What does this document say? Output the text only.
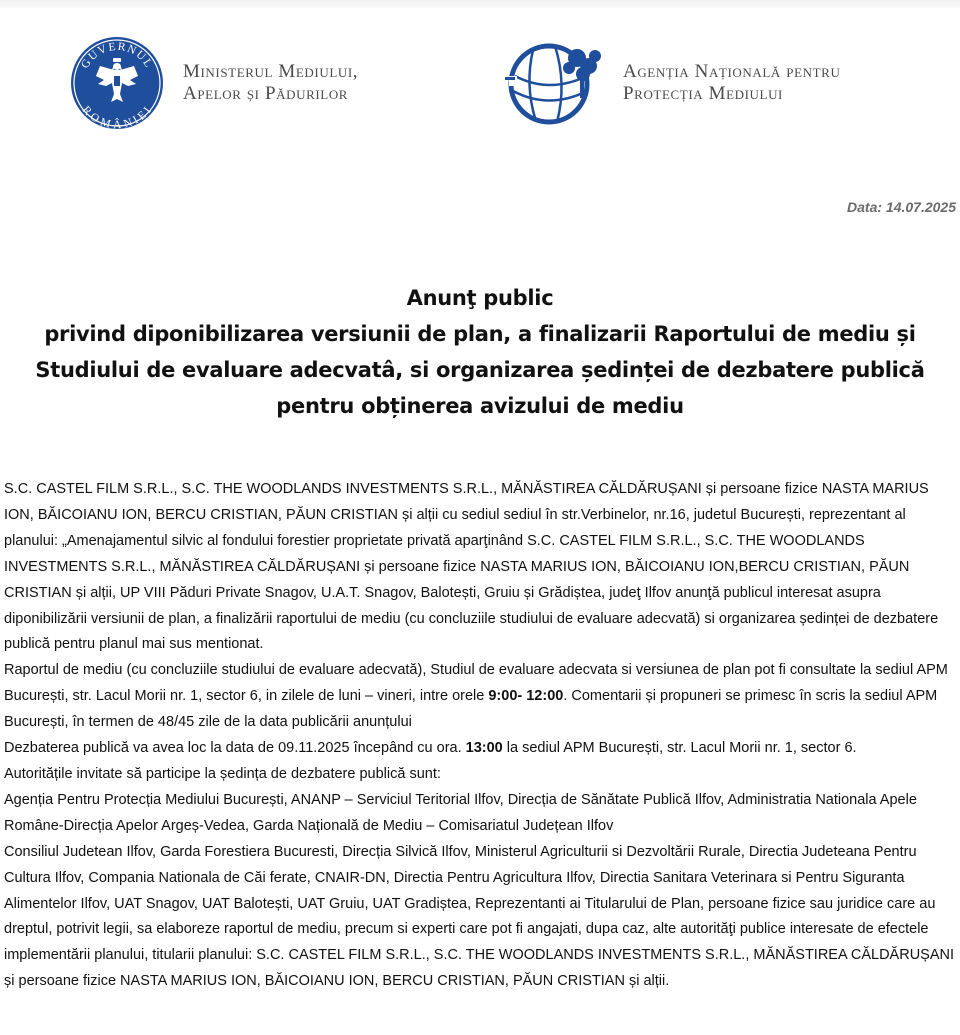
GUVERNUL
ROMÂNIEI
Ministerul Mediului,
Apelor și Pădurilor
Agenția Națională pentru
Protecția Mediului
Data: 14.07.2025
Anunţ public
privind diponibilizarea versiunii de plan, a finalizarii Raportului de mediu și
Studiului de evaluare adecvatâ, si organizarea ședinței de dezbatere publică
pentru obținerea avizului de mediu

S.C. CASTEL FILM S.R.L., S.C. THE WOODLANDS INVESTMENTS S.R.L., MĂNĂSTIREA CĂLDĂRUȘANI și persoane fizice NASTA MARIUS ION, BĂICOIANU ION, BERCU CRISTIAN, PĂUN CRISTIAN și alții cu sediul sediul în str.Verbinelor, nr.16, judetul București, reprezentant al planului: „Amenajamentul silvic al fondului forestier proprietate privată aparţinând S.C. CASTEL FILM S.R.L., S.C. THE WOODLANDS INVESTMENTS S.R.L., MĂNĂSTIREA CĂLDĂRUȘANI și persoane fizice NASTA MARIUS ION, BĂICOIANU ION,BERCU CRISTIAN, PĂUN CRISTIAN și alții, UP VIII Păduri Private Snagov, U.A.T. Snagov, Balotești, Gruiu și Grădiștea, judeţ Ilfov anunţă publicul interesat asupra diponibilizării versiunii de plan, a finalizării raportului de mediu (cu concluziile studiului de evaluare adecvată) si organizarea ședinței de dezbatere publică pentru planul mai sus mentionat.

Raportul de mediu (cu concluziile studiului de evaluare adecvată), Studiul de evaluare adecvata si versiunea de plan pot fi consultate la sediul APM București, str. Lacul Morii nr. 1, sector 6, in zilele de luni – vineri, intre orele 9:00- 12:00. Comentarii și propuneri se primesc în scris la sediul APM București, în termen de 48/45 zile de la data publicării anunțului

Dezbaterea publică va avea loc la data de 09.11.2025 începând cu ora. 13:00 la sediul APM București, str. Lacul Morii nr. 1, sector 6.

Autoritățile invitate să participe la ședința de dezbatere publică sunt:

Agenția Pentru Protecția Mediului București, ANANP – Serviciul Teritorial Ilfov, Direcția de Sănătate Publică Ilfov, Administratia Nationala Apele Române-Direcția Apelor Argeș-Vedea, Garda Națională de Mediu – Comisariatul Județean Ilfov

Consiliul Judetean Ilfov, Garda Forestiera Bucuresti, Direcția Silvică Ilfov, Ministerul Agriculturii si Dezvoltării Rurale, Directia Judeteana Pentru Cultura Ilfov, Compania Nationala de Căi ferate, CNAIR-DN, Directia Pentru Agricultura Ilfov, Directia Sanitara Veterinara si Pentru Siguranta Alimentelor Ilfov, UAT Snagov, UAT Balotești, UAT Gruiu, UAT Gradiștea, Reprezentanti ai Titularului de Plan, persoane fizice sau juridice care au dreptul, potrivit legii, sa elaboreze raportul de mediu, precum si experti care pot fi angajati, dupa caz, alte autorităţi publice interesate de efectele implementării planului, titularii planului: S.C. CASTEL FILM S.R.L., S.C. THE WOODLANDS INVESTMENTS S.R.L., MĂNĂSTIREA CĂLDĂRUȘANI și persoane fizice NASTA MARIUS ION, BĂICOIANU ION, BERCU CRISTIAN, PĂUN CRISTIAN și alții.
